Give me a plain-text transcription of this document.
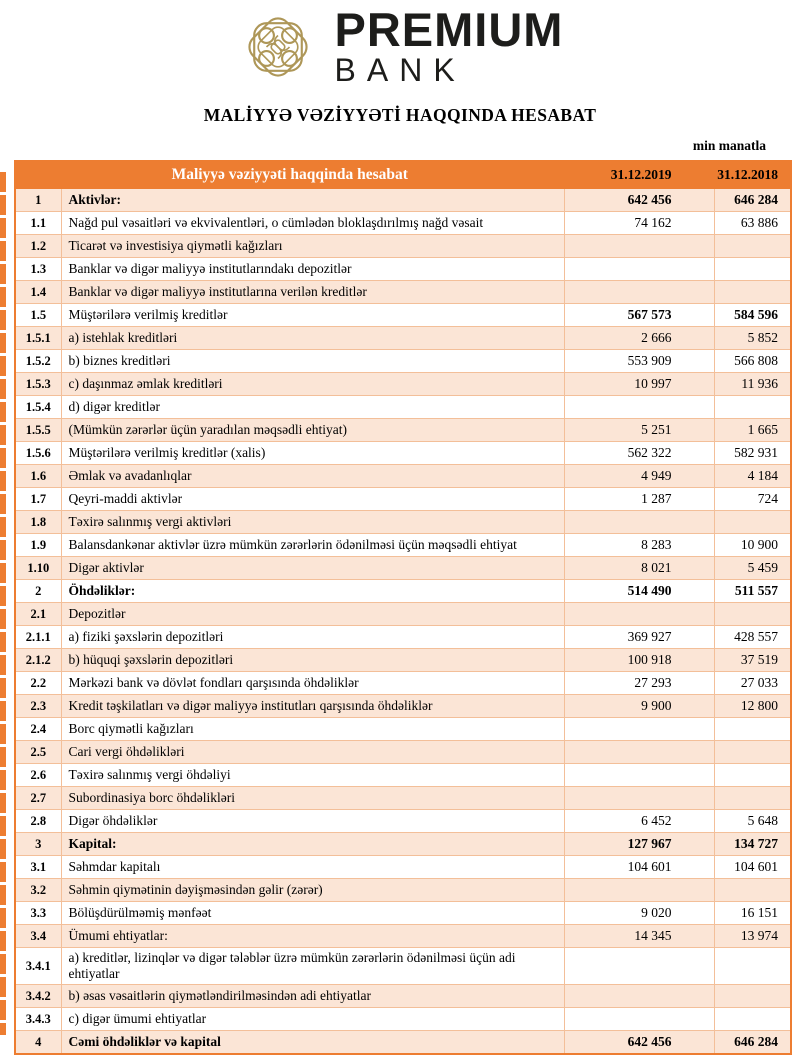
PREMIUM
BANK
MALİYYƏ VƏZİYYƏTİ HAQQINDA HESABAT
min manatla
Maliyyə vəziyyəti haqqinda hesabat		31.12.2019	31.12.2018
1	Aktivlər:	642 456	646 284
1.1	Nağd pul vəsaitləri və ekvivalentləri, o cümlədən bloklaşdırılmış nağd vəsait	74 162	63 886
1.2	Ticarət və investisiya qiymətli kağızları		
1.3	Banklar və digər maliyyə institutlarındakı depozitlər		
1.4	Banklar və digər maliyyə institutlarına verilən kreditlər		
1.5	Müştərilərə verilmiş kreditlər	567 573	584 596
1.5.1	a) istehlak kreditləri	2 666	5 852
1.5.2	b) biznes kreditləri	553 909	566 808
1.5.3	c) daşınmaz əmlak kreditləri	10 997	11 936
1.5.4	d) digər kreditlər		
1.5.5	(Mümkün zərərlər üçün yaradılan məqsədli ehtiyat)	5 251	1 665
1.5.6	Müştərilərə verilmiş kreditlər (xalis)	562 322	582 931
1.6	Əmlak və avadanlıqlar	4 949	4 184
1.7	Qeyri-maddi aktivlər	1 287	724
1.8	Təxirə salınmış vergi aktivləri		
1.9	Balansdankənar aktivlər üzrə mümkün zərərlərin ödənilməsi üçün məqsədli ehtiyat	8 283	10 900
1.10	Digər aktivlər	8 021	5 459
2	Öhdəliklər:	514 490	511 557
2.1	Depozitlər		
2.1.1	a) fiziki şəxslərin depozitləri	369 927	428 557
2.1.2	b) hüquqi şəxslərin depozitləri	100 918	37 519
2.2	Mərkəzi bank və dövlət fondları qarşısında öhdəliklər	27 293	27 033
2.3	Kredit təşkilatları və digər maliyyə institutları qarşısında öhdəliklər	9 900	12 800
2.4	Borc qiymətli kağızları		
2.5	Cari vergi öhdəlikləri		
2.6	Təxirə salınmış vergi öhdəliyi		
2.7	Subordinasiya borc öhdəlikləri		
2.8	Digər öhdəliklər	6 452	5 648
3	Kapital:	127 967	134 727
3.1	Səhmdar kapitalı	104 601	104 601
3.2	Səhmin qiymətinin dəyişməsindən gəlir (zərər)		
3.3	Bölüşdürülməmiş mənfəət	9 020	16 151
3.4	Ümumi ehtiyatlar:	14 345	13 974
3.4.1	a) kreditlər, lizinqlər və digər tələblər üzrə mümkün zərərlərin ödənilməsi üçün adi ehtiyatlar		
3.4.2	b) əsas vəsaitlərin qiymətləndirilməsindən adi ehtiyatlar		
3.4.3	c) digər ümumi ehtiyatlar		
4	Cəmi öhdəliklər və kapital	642 456	646 284
